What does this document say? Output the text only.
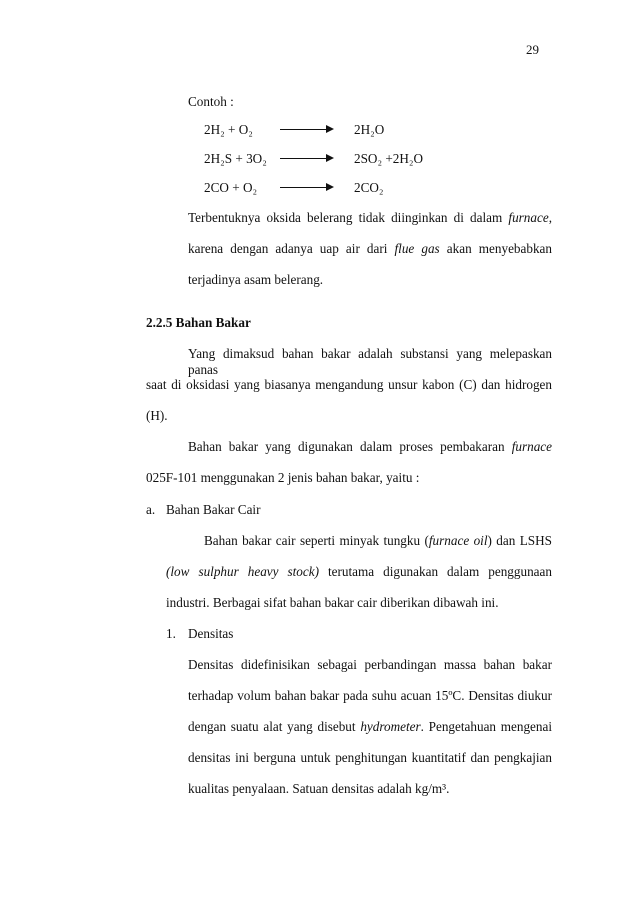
29
Contoh :
2H₂ + O₂	2H₂O
2H₂S + 3O₂ → 2SO₂ +2H₂O
2CO + O₂	2CO₂
Terbentuknya oksida belerang tidak diinginkan di dalam furnace,
karena dengan adanya uap air dari flue gas akan menyebabkan
terjadinya asam belerang.
2.2.5 Bahan Bakar
Yang dimaksud bahan bakar adalah substansi yang melepaskan panas
saat di oksidasi yang biasanya mengandung unsur kabon (C) dan hidrogen
(H).
Bahan bakar yang digunakan dalam proses pembakaran furnace
025F-101 menggunakan 2 jenis bahan bakar, yaitu :
a. Bahan Bakar Cair
Bahan bakar cair seperti minyak tungku (furnace oil) dan LSHS
(low sulphur heavy stock) terutama digunakan dalam penggunaan
industri. Berbagai sifat bahan bakar cair diberikan dibawah ini.
1. Densitas
Densitas didefinisikan sebagai perbandingan massa bahan bakar
terhadap volum bahan bakar pada suhu acuan 15ºC. Densitas diukur
dengan suatu alat yang disebut hydrometer. Pengetahuan mengenai
densitas ini berguna untuk penghitungan kuantitatif dan pengkajian
kualitas penyalaan. Satuan densitas adalah kg/m³.
